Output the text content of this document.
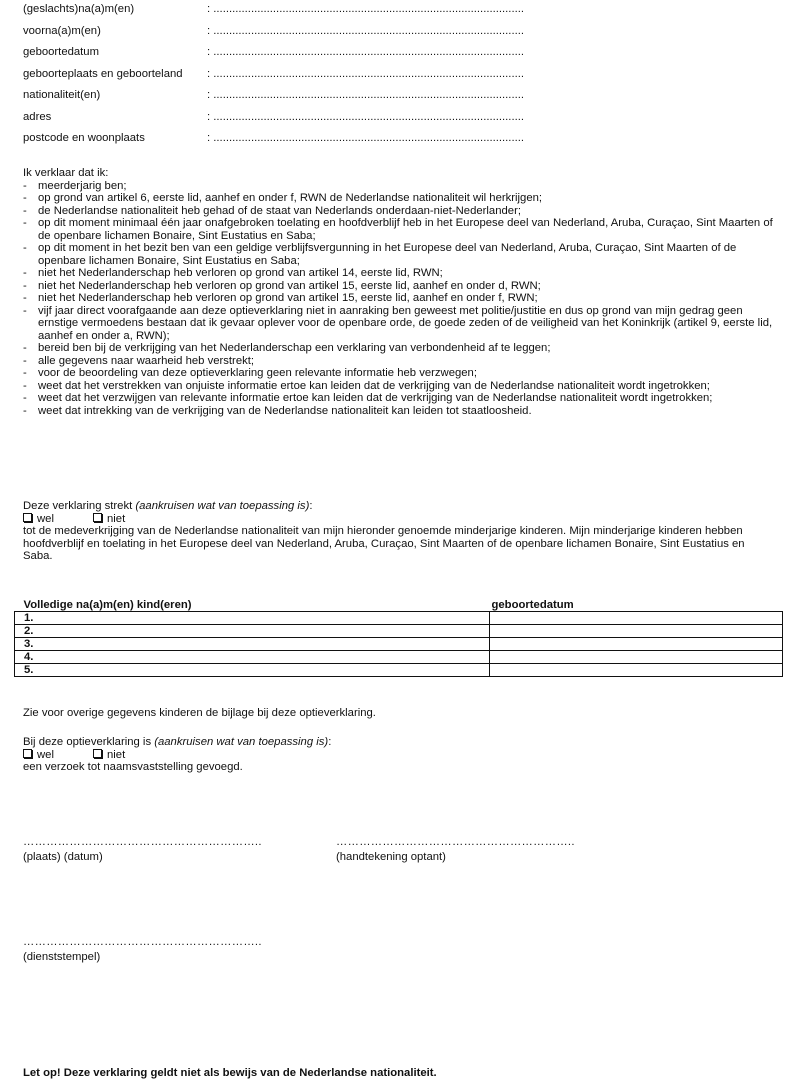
(geslachts)na(a)m(en)	: ...................................................................................................
voorna(a)m(en)	: ...................................................................................................
geboortedatum	: ...................................................................................................
geboorteplaats en geboorteland : ...................................................................................................
nationaliteit(en)	: ...................................................................................................
adres	: ...................................................................................................
postcode en woonplaats	: ...................................................................................................
Ik verklaar dat ik:
- meerderjarig ben;
- op grond van artikel 6, eerste lid, aanhef en onder f, RWN de Nederlandse nationaliteit wil herkrijgen;
- de Nederlandse nationaliteit heb gehad of de staat van Nederlands onderdaan-niet-Nederlander;
- op dit moment minimaal één jaar onafgebroken toelating en hoofdverblijf heb in het Europese deel van Nederland, Aruba, Curaçao, Sint Maarten of de openbare lichamen Bonaire, Sint Eustatius en Saba;
- op dit moment in het bezit ben van een geldige verblijfsvergunning in het Europese deel van Nederland, Aruba, Curaçao, Sint Maarten of de openbare lichamen Bonaire, Sint Eustatius en Saba;
- niet het Nederlanderschap heb verloren op grond van artikel 14, eerste lid, RWN;
- niet het Nederlanderschap heb verloren op grond van artikel 15, eerste lid, aanhef en onder d, RWN;
- niet het Nederlanderschap heb verloren op grond van artikel 15, eerste lid, aanhef en onder f, RWN;
- vijf jaar direct voorafgaande aan deze optieverklaring niet in aanraking ben geweest met politie/justitie en dus op grond van mijn gedrag geen ernstige vermoedens bestaan dat ik gevaar oplever voor de openbare orde, de goede zeden of de veiligheid van het Koninkrijk (artikel 9, eerste lid, aanhef en onder a, RWN);
- bereid ben bij de verkrijging van het Nederlanderschap een verklaring van verbondenheid af te leggen;
- alle gegevens naar waarheid heb verstrekt;
- voor de beoordeling van deze optieverklaring geen relevante informatie heb verzwegen;
- weet dat het verstrekken van onjuiste informatie ertoe kan leiden dat de verkrijging van de Nederlandse nationaliteit wordt ingetrokken;
- weet dat het verzwijgen van relevante informatie ertoe kan leiden dat de verkrijging van de Nederlandse nationaliteit wordt ingetrokken;
- weet dat intrekking van de verkrijging van de Nederlandse nationaliteit kan leiden tot staatloosheid.
Deze verklaring strekt (aankruisen wat van toepassing is):
wel	niet
tot de medeverkrijging van de Nederlandse nationaliteit van mijn hieronder genoemde minderjarige kinderen. Mijn minderjarige kinderen hebben hoofdverblijf en toelating in het Europese deel van Nederland, Aruba, Curaçao, Sint Maarten of de openbare lichamen Bonaire, Sint Eustatius en Saba.
Volledige na(a)m(en) kind(eren)	geboortedatum
1.	
2.	
3.	
4.	
5.	
Zie voor overige gegevens kinderen de bijlage bij deze optieverklaring.
Bij deze optieverklaring is (aankruisen wat van toepassing is):
wel	niet
een verzoek tot naamsvaststelling gevoegd.
……………………………………………………..
(plaats) (datum)
……………………………………………………..
(handtekening optant)
……………………………………………………..
(dienststempel)
Let op! Deze verklaring geldt niet als bewijs van de Nederlandse nationaliteit.
